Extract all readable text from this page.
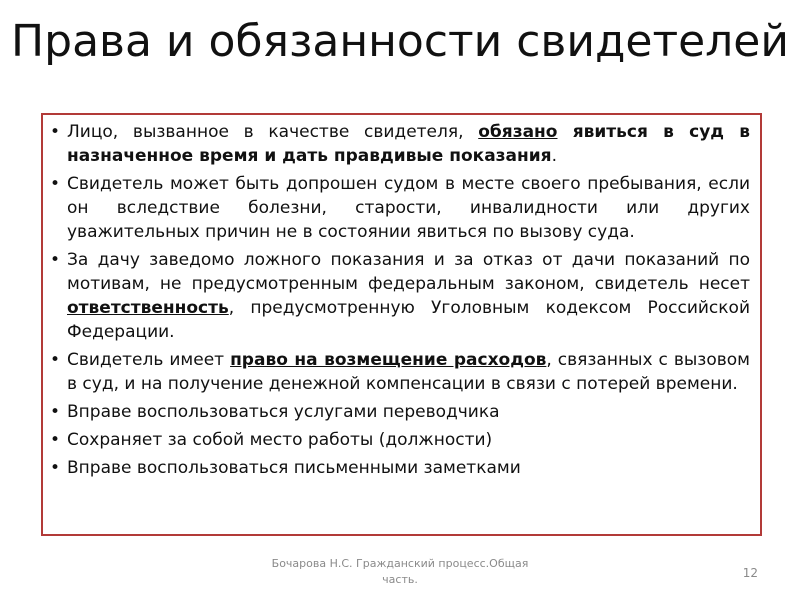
Права и обязанности свидетелей
• Лицо, вызванное в качестве свидетеля, обязано явиться в суд в назначенное время и дать правдивые показания.
• Свидетель может быть допрошен судом в месте своего пребывания, если он вследствие болезни, старости, инвалидности или других уважительных причин не в состоянии явиться по вызову суда.
• За дачу заведомо ложного показания и за отказ от дачи показаний по мотивам, не предусмотренным федеральным законом, свидетель несет ответственность, предусмотренную Уголовным кодексом Российской Федерации.
• Свидетель имеет право на возмещение расходов, связанных с вызовом в суд, и на получение денежной компенсации в связи с потерей времени.
• Вправе воспользоваться услугами переводчика
• Сохраняет за собой место работы (должности)
• Вправе воспользоваться письменными заметками
Бочарова Н.С. Гражданский процесс.Общая часть.	12
